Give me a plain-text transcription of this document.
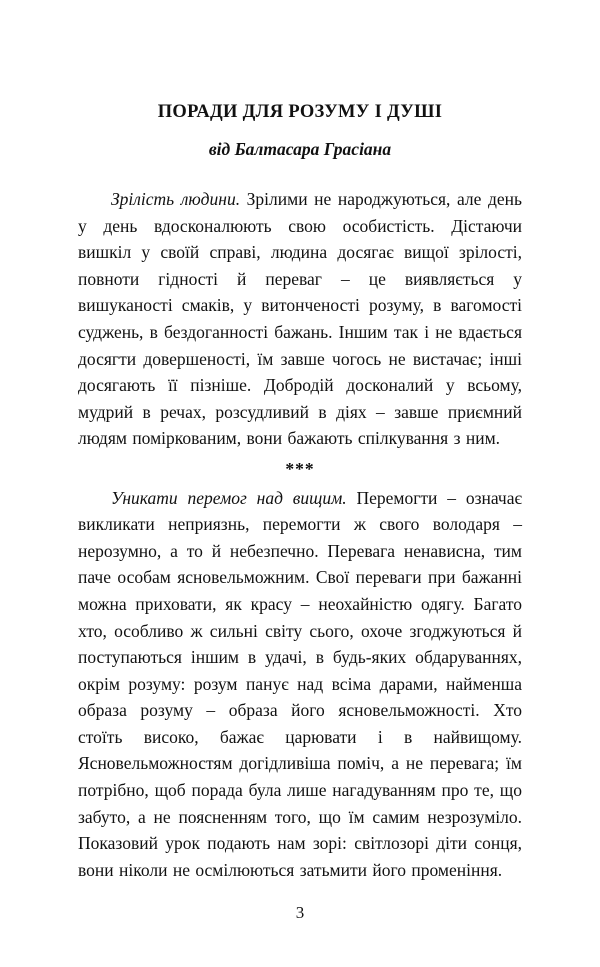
ПОРАДИ ДЛЯ РОЗУМУ І ДУШІ
від Балтасара Грасіана

Зрілість людини. Зрілими не народжуються, але день у день вдосконалюють свою особистість. Дістаючи вишкіл у своїй справі, людина досягає вищої зрілості, повноти гідності й переваг – це виявляється у вишуканості смаків, у витонченості розуму, в вагомості суджень, в бездоганності бажань. Іншим так і не вдається досягти довершеності, їм завше чогось не вистачає; інші досягають її пізніше. Добродій досконалий у всьому, мудрий в речах, розсудливий в діях – завше приємний людям поміркованим, вони бажають спілкування з ним.

***

Уникати перемог над вищим. Перемогти – означає викликати неприязнь, перемогти ж свого володаря – нерозумно, а то й небезпечно. Перевага ненависна, тим паче особам ясновельможним. Свої переваги при бажанні можна приховати, як красу – неохайністю одягу. Багато хто, особливо ж сильні світу сього, охоче згоджуються й поступаються іншим в удачі, в будь-яких обдаруваннях, окрім розуму: розум панує над всіма дарами, найменша образа розуму – образа його ясновельможності. Хто стоїть високо, бажає царювати і в найвищому. Ясновельможностям догідливіша поміч, а не перевага; їм потрібно, щоб порада була лише нагадуванням про те, що забуто, а не поясненням того, що їм самим незрозуміло. Показовий урок подають нам зорі: світлозорі діти сонця, вони ніколи не осмілюються затьмити його променіння.

3
